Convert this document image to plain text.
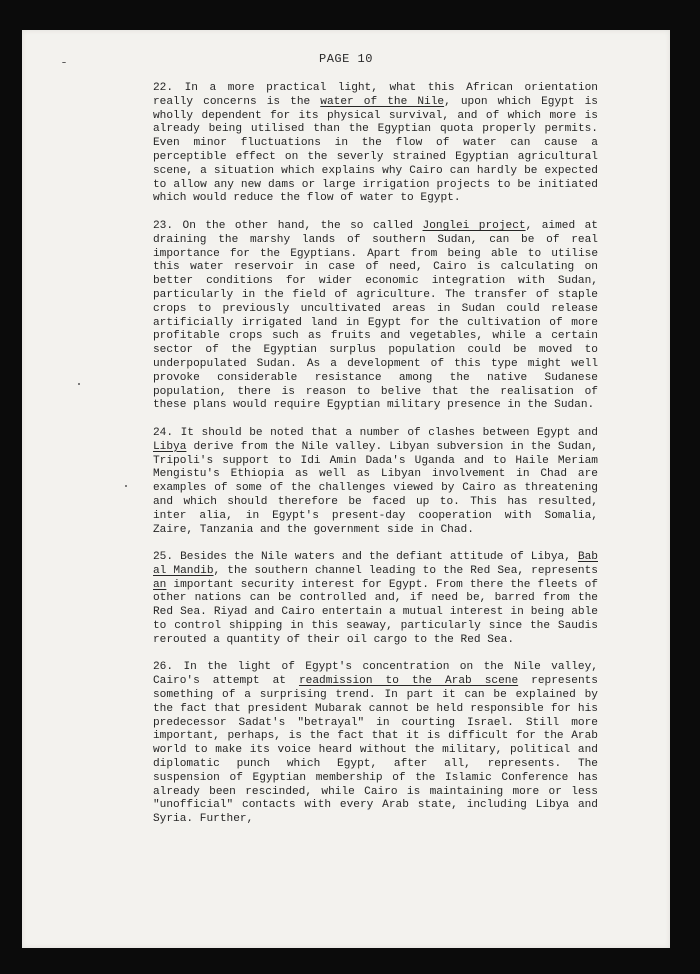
PAGE 10

22. In a more practical light, what this African orientation really concerns is the water of the Nile, upon which Egypt is wholly dependent for its physical survival, and of which more is already being utilised than the Egyptian quota properly permits. Even minor fluctuations in the flow of water can cause a perceptible effect on the severly strained Egyptian agricultural scene, a situation which explains why Cairo can hardly be expected to allow any new dams or large irrigation projects to be initiated which would reduce the flow of water to Egypt.

23. On the other hand, the so called Jonglei project, aimed at draining the marshy lands of southern Sudan, can be of real importance for the Egyptians. Apart from being able to utilise this water reservoir in case of need, Cairo is calculating on better conditions for wider economic integration with Sudan, particularly in the field of agriculture. The transfer of staple crops to previously uncultivated areas in Sudan could release artificially irrigated land in Egypt for the cultivation of more profitable crops such as fruits and vegetables, while a certain sector of the Egyptian surplus population could be moved to underpopulated Sudan. As a development of this type might well provoke considerable resistance among the native Sudanese population, there is reason to belive that the realisation of these plans would require Egyptian military presence in the Sudan.

24. It should be noted that a number of clashes between Egypt and Libya derive from the Nile valley. Libyan subversion in the Sudan, Tripoli's support to Idi Amin Dada's Uganda and to Haile Meriam Mengistu's Ethiopia as well as Libyan involvement in Chad are examples of some of the challenges viewed by Cairo as threatening and which should therefore be faced up to. This has resulted, inter alia, in Egypt's present-day cooperation with Somalia, Zaire, Tanzania and the government side in Chad.

25. Besides the Nile waters and the defiant attitude of Libya, Bab al Mandib, the southern channel leading to the Red Sea, represents an important security interest for Egypt. From there the fleets of other nations can be controlled and, if need be, barred from the Red Sea. Riyad and Cairo entertain a mutual interest in being able to control shipping in this seaway, particularly since the Saudis rerouted a quantity of their oil cargo to the Red Sea.

26. In the light of Egypt's concentration on the Nile valley, Cairo's attempt at readmission to the Arab scene represents something of a surprising trend. In part it can be explained by the fact that president Mubarak cannot be held responsible for his predecessor Sadat's "betrayal" in courting Israel. Still more important, perhaps, is the fact that it is difficult for the Arab world to make its voice heard without the military, political and diplomatic punch which Egypt, after all, represents. The suspension of Egyptian membership of the Islamic Conference has already been rescinded, while Cairo is maintaining more or less "unofficial" contacts with every Arab state, including Libya and Syria. Further,
